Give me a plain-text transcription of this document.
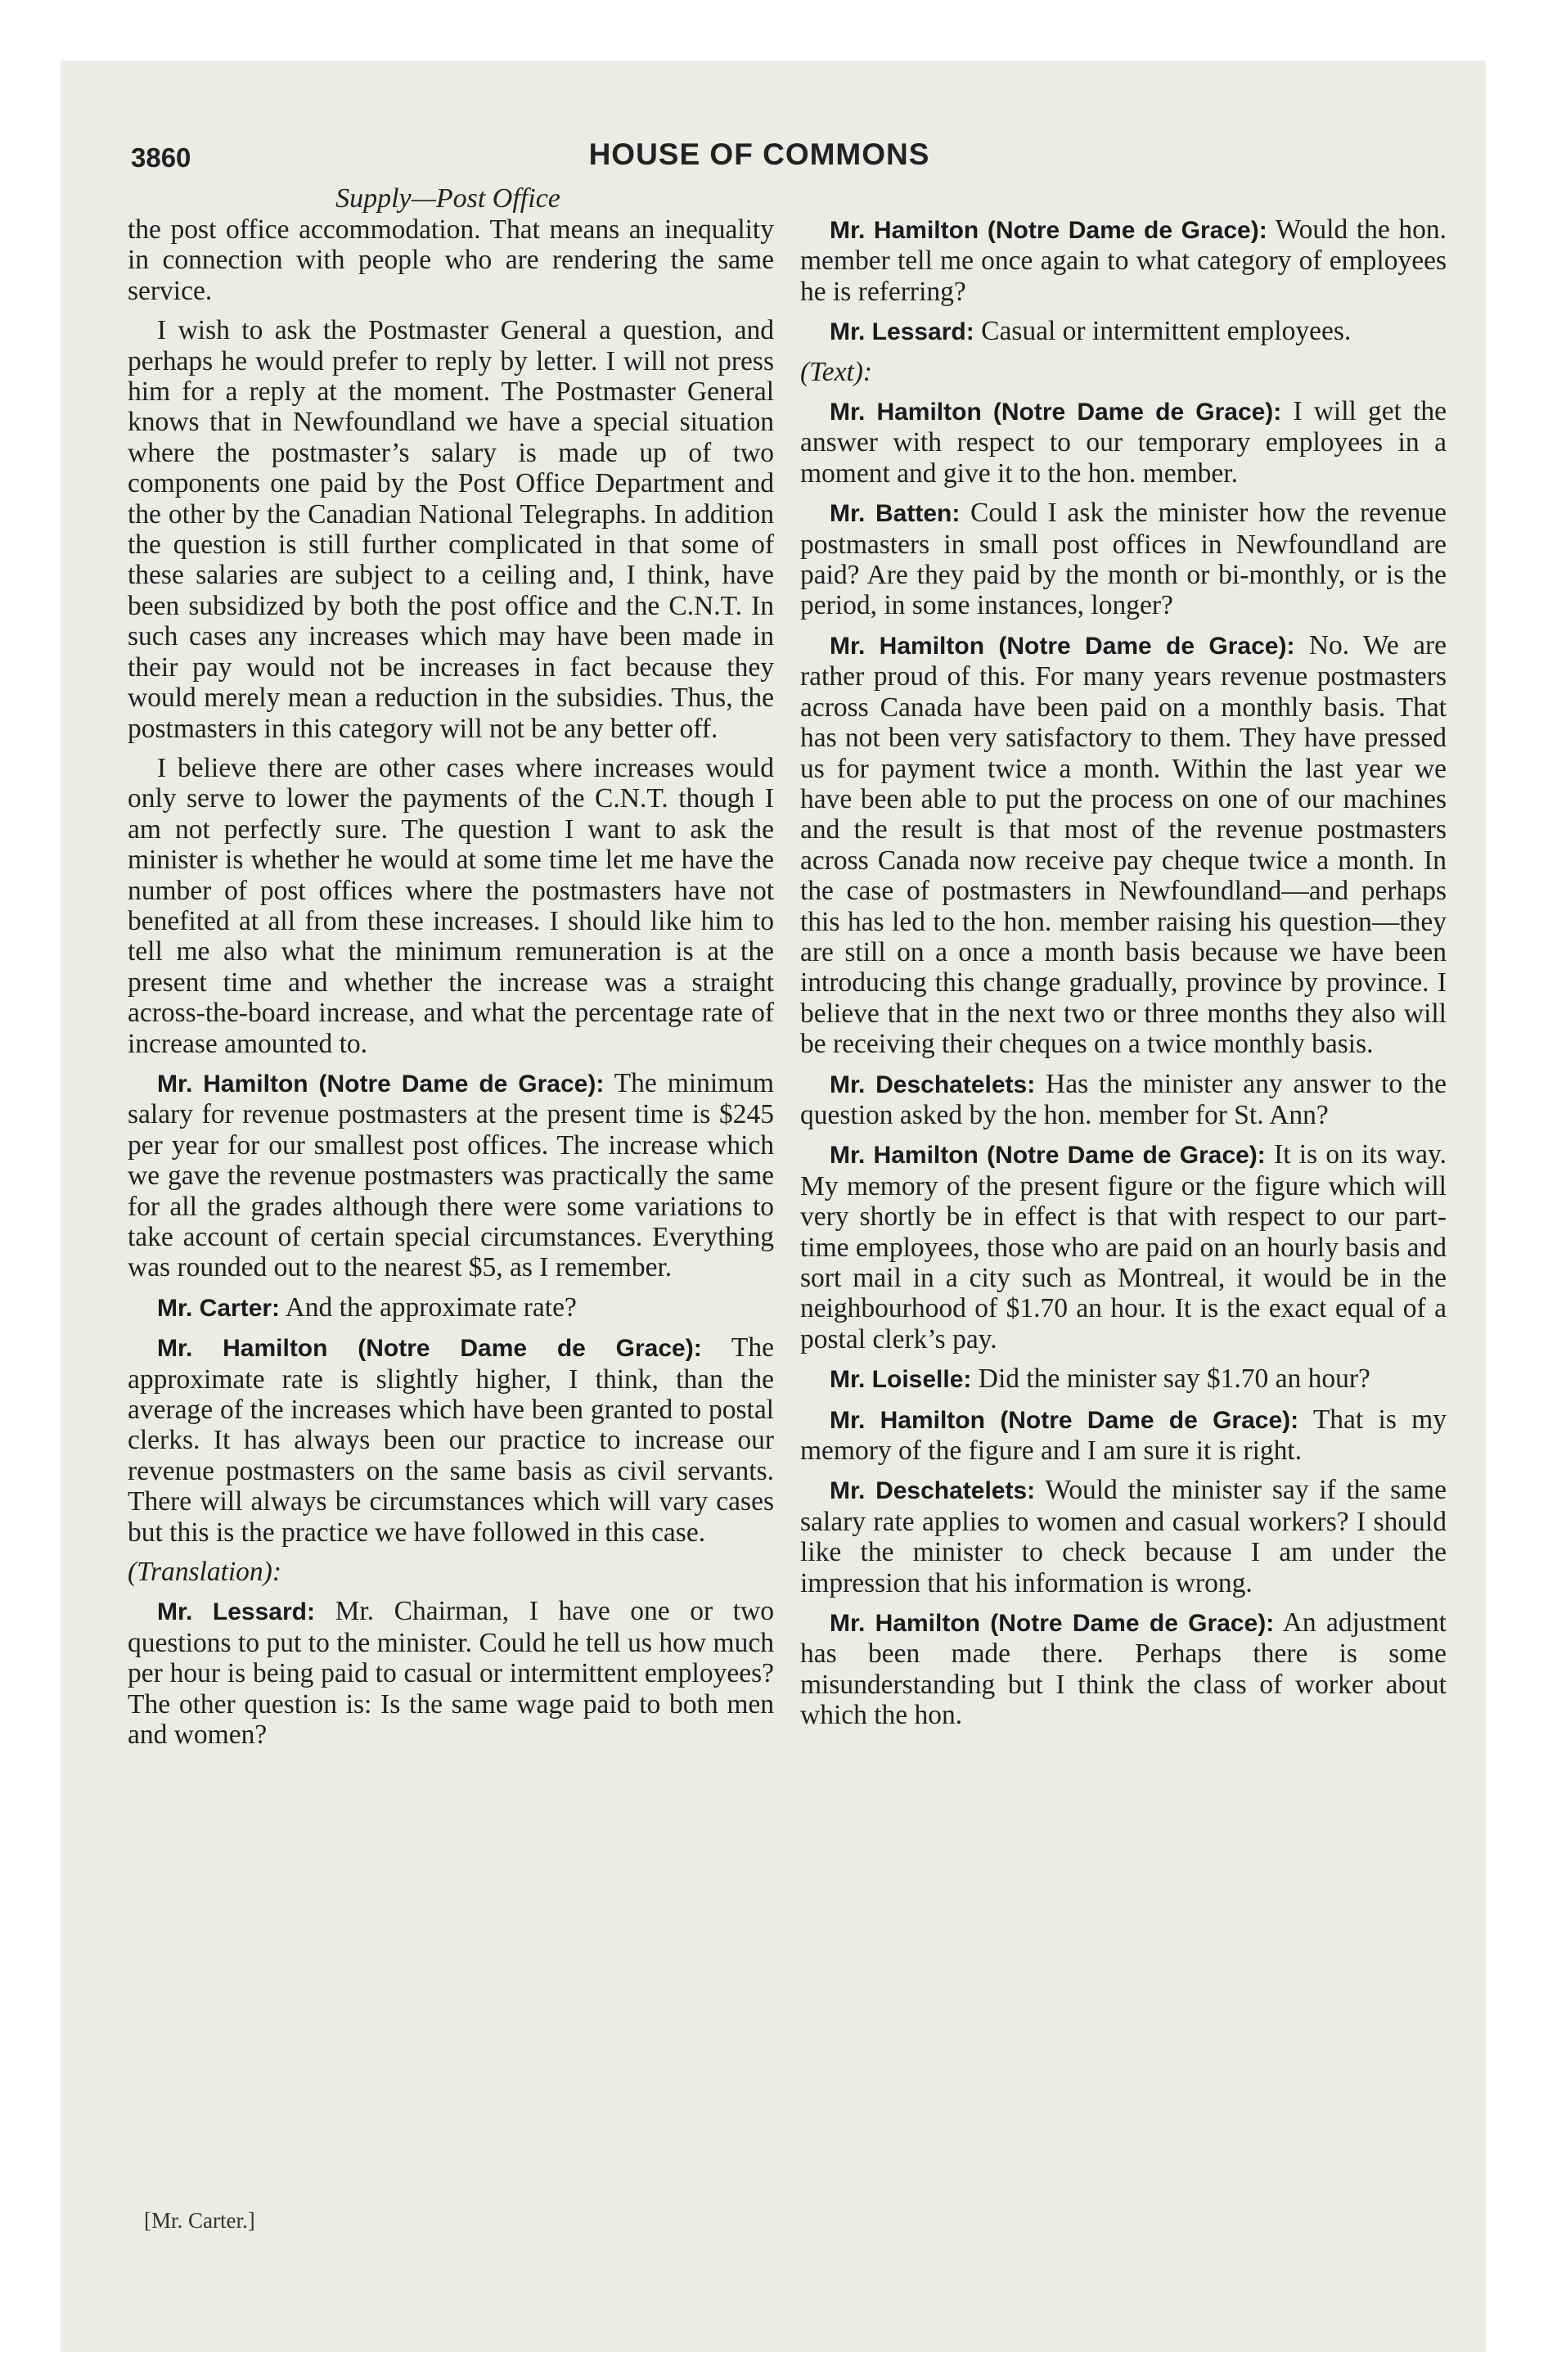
3860	HOUSE OF COMMONS
Supply—Post Office

the post office accommodation. That means an inequality in connection with people who are rendering the same service.

I wish to ask the Postmaster General a question, and perhaps he would prefer to reply by letter. I will not press him for a reply at the moment. The Postmaster General knows that in Newfoundland we have a special situation where the postmaster’s salary is made up of two components one paid by the Post Office Department and the other by the Canadian National Telegraphs. In addition the question is still further complicated in that some of these salaries are subject to a ceiling and, I think, have been subsidized by both the post office and the C.N.T. In such cases any increases which may have been made in their pay would not be increases in fact because they would merely mean a reduction in the subsidies. Thus, the postmasters in this category will not be any better off.

I believe there are other cases where increases would only serve to lower the payments of the C.N.T. though I am not perfectly sure. The question I want to ask the minister is whether he would at some time let me have the number of post offices where the postmasters have not benefited at all from these increases. I should like him to tell me also what the minimum remuneration is at the present time and whether the increase was a straight across-the-board increase, and what the percentage rate of increase amounted to.

Mr. Hamilton (Notre Dame de Grace): The minimum salary for revenue postmasters at the present time is $245 per year for our smallest post offices. The increase which we gave the revenue postmasters was practically the same for all the grades although there were some variations to take account of certain special circumstances. Everything was rounded out to the nearest $5, as I remember.

Mr. Carter: And the approximate rate?

Mr. Hamilton (Notre Dame de Grace): The approximate rate is slightly higher, I think, than the average of the increases which have been granted to postal clerks. It has always been our practice to increase our revenue postmasters on the same basis as civil servants. There will always be circumstances which will vary cases but this is the practice we have followed in this case.

(Translation):

Mr. Lessard: Mr. Chairman, I have one or two questions to put to the minister. Could he tell us how much per hour is being paid to casual or intermittent employees? The other question is: Is the same wage paid to both men and women?

Mr. Hamilton (Notre Dame de Grace): Would the hon. member tell me once again to what category of employees he is referring?

Mr. Lessard: Casual or intermittent employees.

(Text):

Mr. Hamilton (Notre Dame de Grace): I will get the answer with respect to our temporary employees in a moment and give it to the hon. member.

Mr. Batten: Could I ask the minister how the revenue postmasters in small post offices in Newfoundland are paid? Are they paid by the month or bi-monthly, or is the period, in some instances, longer?

Mr. Hamilton (Notre Dame de Grace): No. We are rather proud of this. For many years revenue postmasters across Canada have been paid on a monthly basis. That has not been very satisfactory to them. They have pressed us for payment twice a month. Within the last year we have been able to put the process on one of our machines and the result is that most of the revenue postmasters across Canada now receive pay cheque twice a month. In the case of postmasters in Newfoundland—and perhaps this has led to the hon. member raising his question—they are still on a once a month basis because we have been introducing this change gradually, province by province. I believe that in the next two or three months they also will be receiving their cheques on a twice monthly basis.

Mr. Deschatelets: Has the minister any answer to the question asked by the hon. member for St. Ann?

Mr. Hamilton (Notre Dame de Grace): It is on its way. My memory of the present figure or the figure which will very shortly be in effect is that with respect to our part-time employees, those who are paid on an hourly basis and sort mail in a city such as Montreal, it would be in the neighbourhood of $1.70 an hour. It is the exact equal of a postal clerk’s pay.

Mr. Loiselle: Did the minister say $1.70 an hour?

Mr. Hamilton (Notre Dame de Grace): That is my memory of the figure and I am sure it is right.

Mr. Deschatelets: Would the minister say if the same salary rate applies to women and casual workers? I should like the minister to check because I am under the impression that his information is wrong.

Mr. Hamilton (Notre Dame de Grace): An adjustment has been made there. Perhaps there is some misunderstanding but I think the class of worker about which the hon.

[Mr. Carter.]
